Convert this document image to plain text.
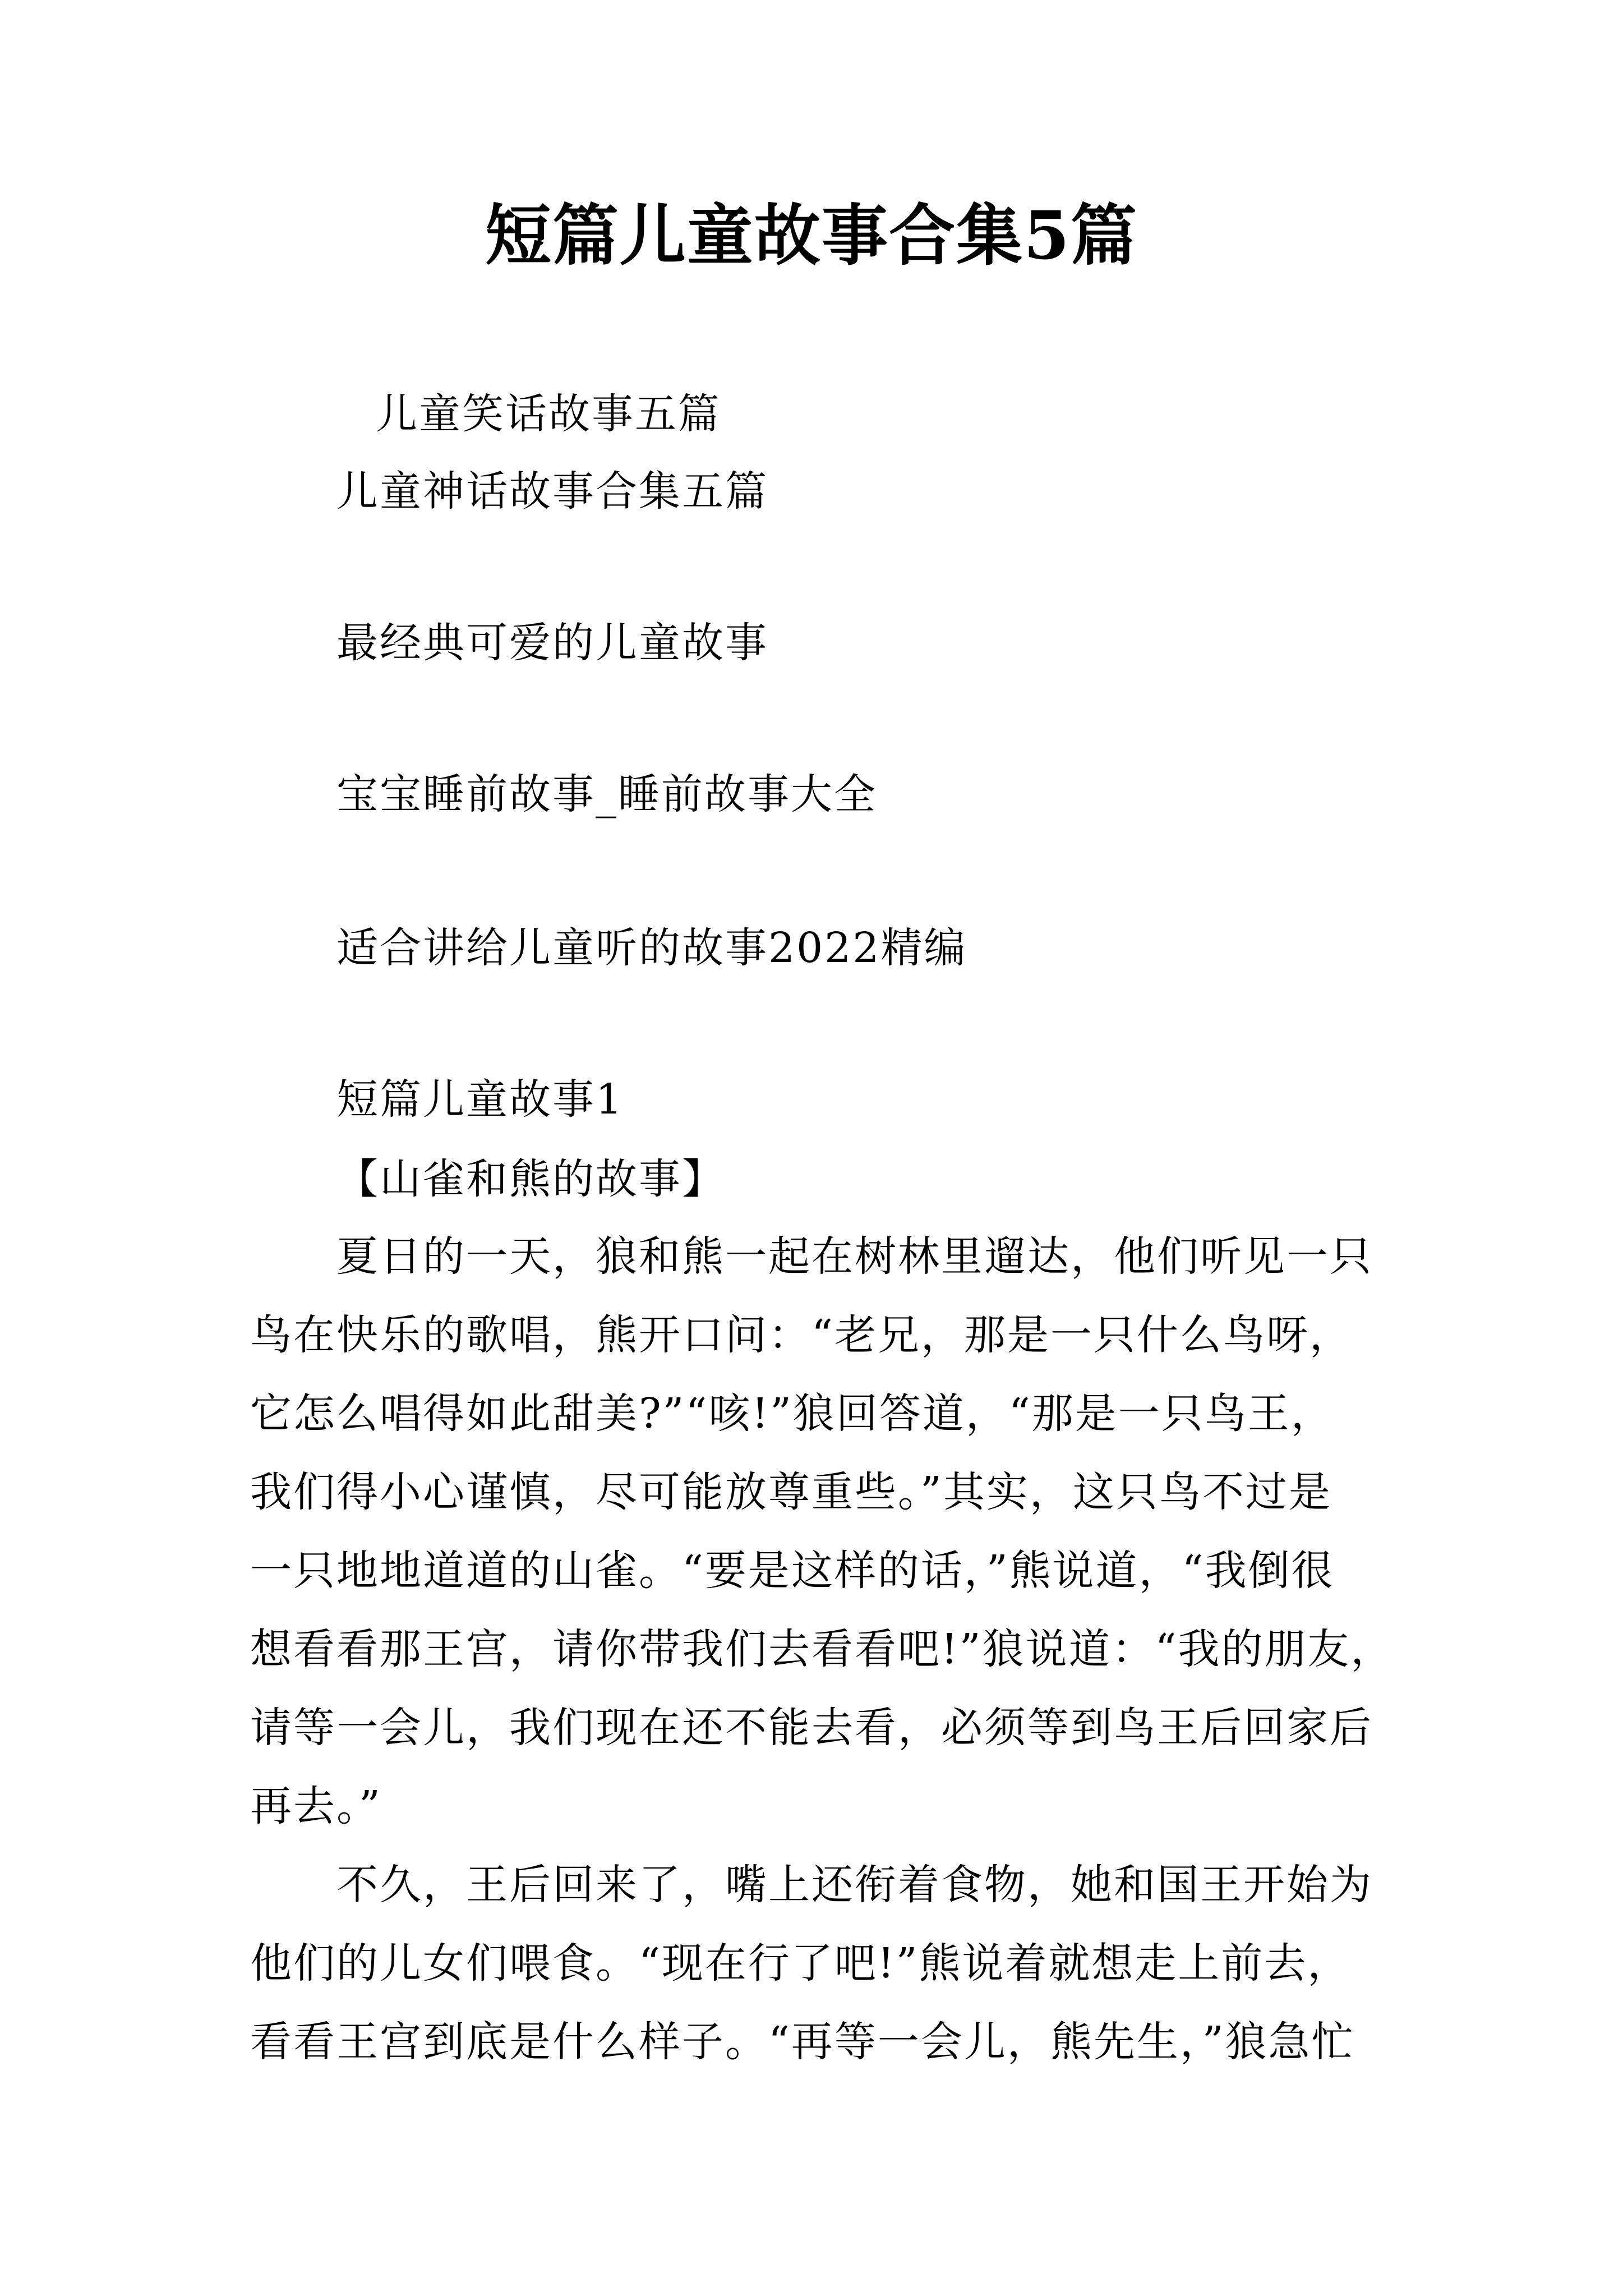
短篇儿童故事合集5篇
儿童笑话故事五篇
儿童神话故事合集五篇
最经典可爱的儿童故事
宝宝睡前故事_睡前故事大全
适合讲给儿童听的故事2022精编
短篇儿童故事1
【山雀和熊的故事】
夏日的一天，狼和熊一起在树林里遛达，他们听见一只
鸟在快乐的歌唱，熊开口问：“老兄，那是一只什么鸟呀，
它怎么唱得如此甜美?”“咳!”狼回答道，“那是一只鸟王，
我们得小心谨慎，尽可能放尊重些。”其实，这只鸟不过是
一只地地道道的山雀。“要是这样的话，”熊说道，“我倒很
想看看那王宫，请你带我们去看看吧!”狼说道：“我的朋友，
请等一会儿，我们现在还不能去看，必须等到鸟王后回家后
再去。”
不久，王后回来了，嘴上还衔着食物，她和国王开始为
他们的儿女们喂食。“现在行了吧!”熊说着就想走上前去，
看看王宫到底是什么样子。“再等一会儿，熊先生，”狼急忙
